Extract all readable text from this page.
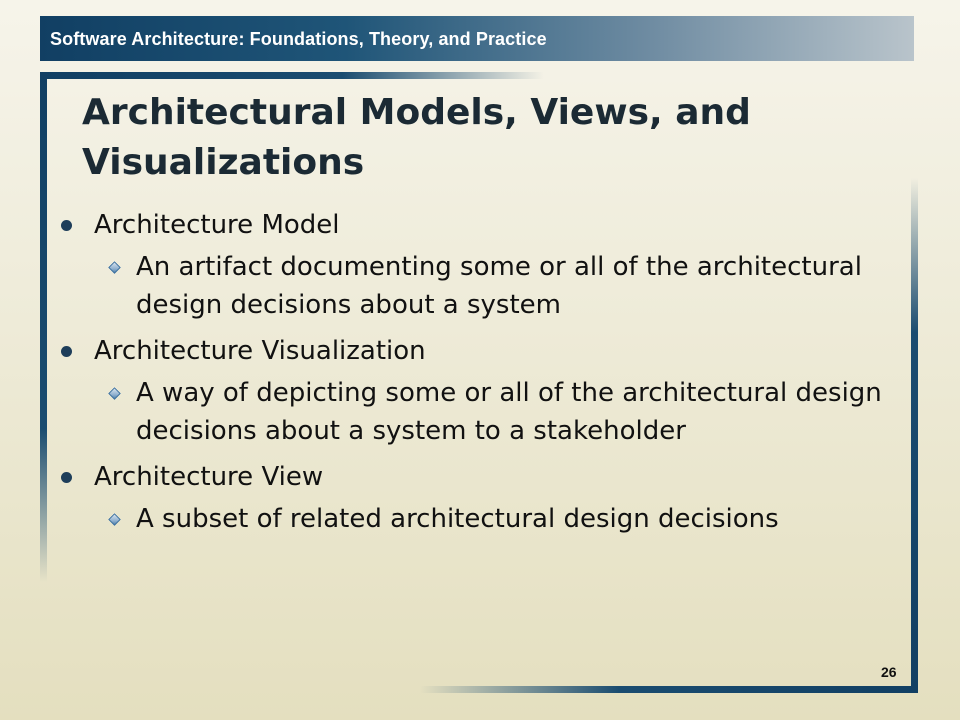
Software Architecture: Foundations, Theory, and Practice
Architectural Models, Views, and Visualizations
Architecture Model
An artifact documenting some or all of the architectural design decisions about a system
Architecture Visualization
A way of depicting some or all of the architectural design decisions about a system to a stakeholder
Architecture View
A subset of related architectural design decisions
26
